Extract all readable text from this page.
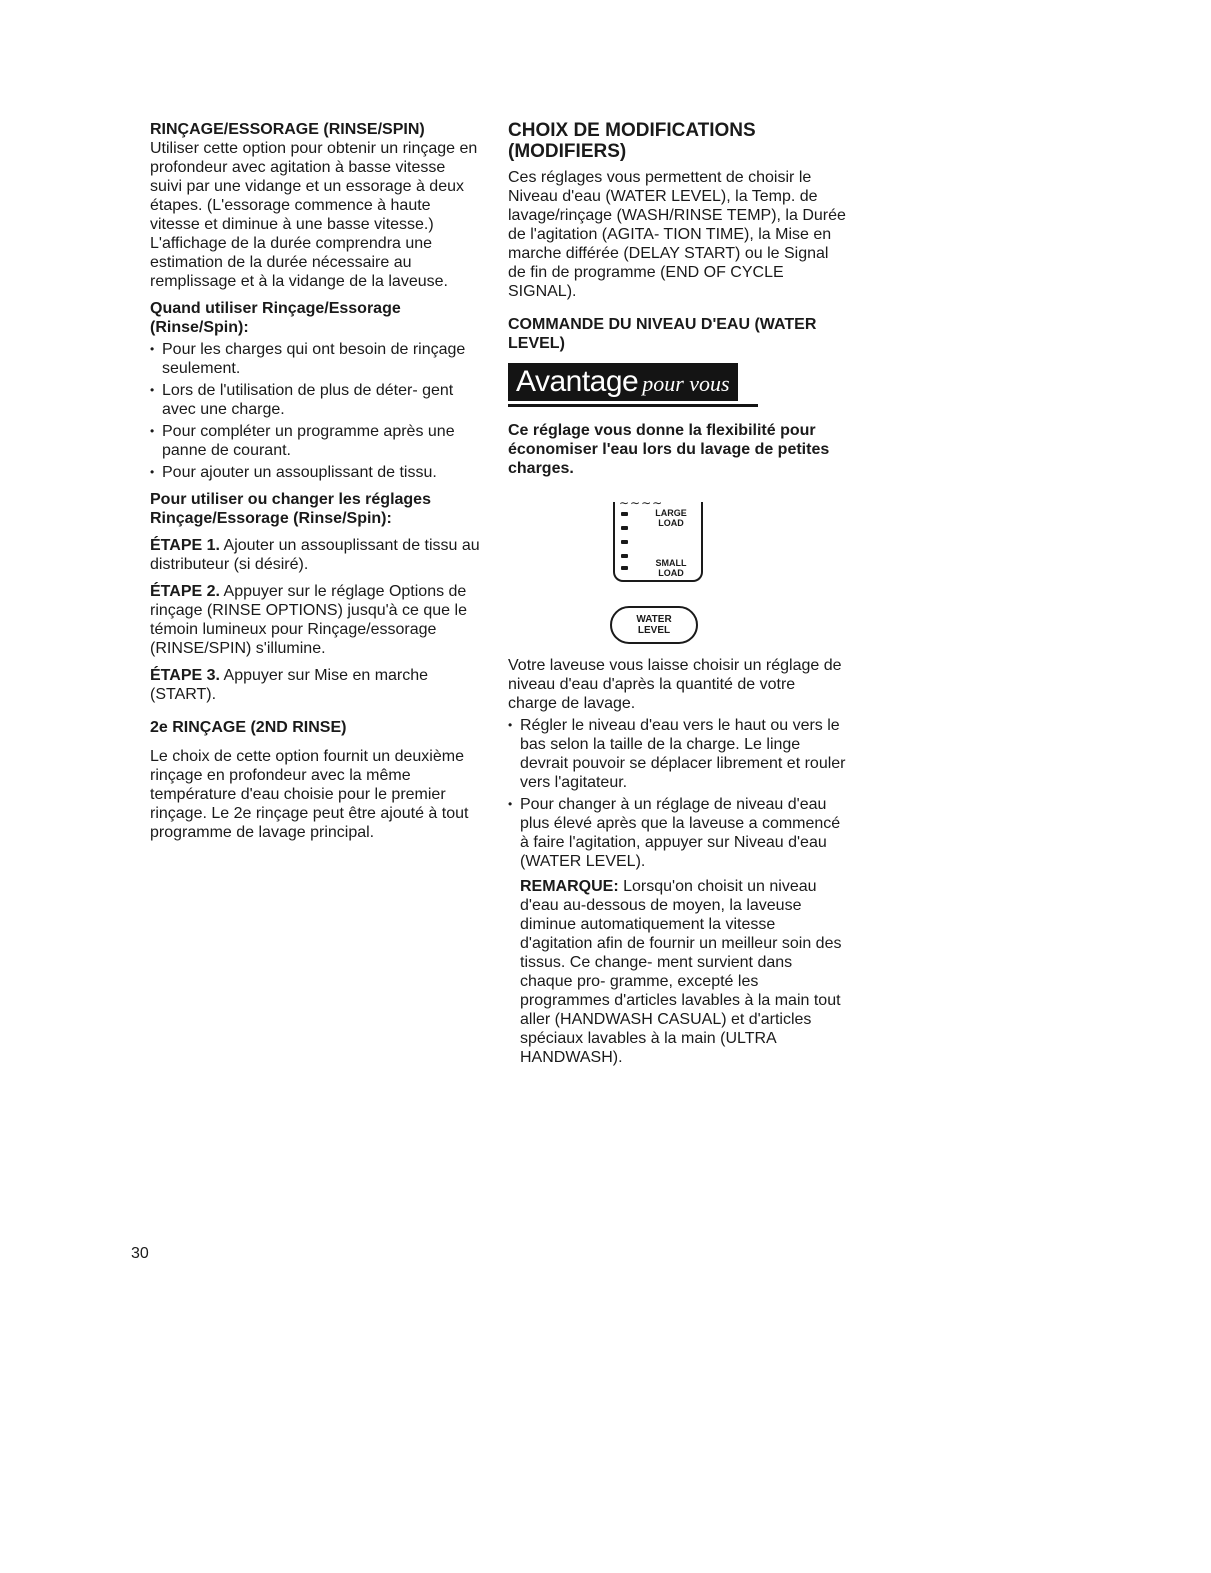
RINÇAGE/ESSORAGE (RINSE/SPIN)

Utiliser cette option pour obtenir un rinçage en profondeur avec agitation à basse vitesse suivi par une vidange et un essorage à deux étapes. (L'essorage commence à haute vitesse et diminue à une basse vitesse.) L'affichage de la durée comprendra une estimation de la durée nécessaire au remplissage et à la vidange de la laveuse.

Quand utiliser Rinçage/Essorage (Rinse/Spin):
• Pour les charges qui ont besoin de rinçage seulement.
• Lors de l'utilisation de plus de déter- gent avec une charge.
• Pour compléter un programme après une panne de courant.
• Pour ajouter un assouplissant de tissu.
Pour utiliser ou changer les réglages Rinçage/Essorage (Rinse/Spin):

ÉTAPE 1. Ajouter un assouplissant de tissu au distributeur (si désiré).

ÉTAPE 2. Appuyer sur le réglage Options de rinçage (RINSE OPTIONS) jusqu'à ce que le témoin lumineux pour Rinçage/essorage (RINSE/SPIN) s'illumine.

ÉTAPE 3. Appuyer sur Mise en marche (START).

2e RINÇAGE (2ND RINSE)

Le choix de cette option fournit un deuxième rinçage en profondeur avec la même température d'eau choisie pour le premier rinçage. Le 2e rinçage peut être ajouté à tout programme de lavage principal.

CHOIX DE MODIFICATIONS (MODIFIERS)

Ces réglages vous permettent de choisir le Niveau d'eau (WATER LEVEL), la Temp. de lavage/rinçage (WASH/RINSE TEMP), la Durée de l'agitation (AGITA- TION TIME), la Mise en marche différée (DELAY START) ou le Signal de fin de programme (END OF CYCLE SIGNAL).

COMMANDE DU NIVEAU D'EAU (WATER LEVEL)
Avantage pour vous
Ce réglage vous donne la flexibilité pour économiser l'eau lors du lavage de petites charges.
∼∼∼∼
LARGE
LOAD
SMALL
LOAD
WATER
LEVEL

Votre laveuse vous laisse choisir un réglage de niveau d'eau d'après la quantité de votre charge de lavage.

• Régler le niveau d'eau vers le haut ou vers le bas selon la taille de la charge. Le linge devrait pouvoir se déplacer librement et rouler vers l'agitateur.
• Pour changer à un réglage de niveau d'eau plus élevé après que la laveuse a commencé à faire l'agitation, appuyer sur Niveau d'eau (WATER LEVEL).

REMARQUE: Lorsqu'on choisit un niveau d'eau au-dessous de moyen, la laveuse diminue automatiquement la vitesse d'agitation afin de fournir un meilleur soin des tissus. Ce change- ment survient dans chaque pro- gramme, excepté les programmes d'articles lavables à la main tout aller (HANDWASH CASUAL) et d'articles spéciaux lavables à la main (ULTRA HANDWASH).

30
